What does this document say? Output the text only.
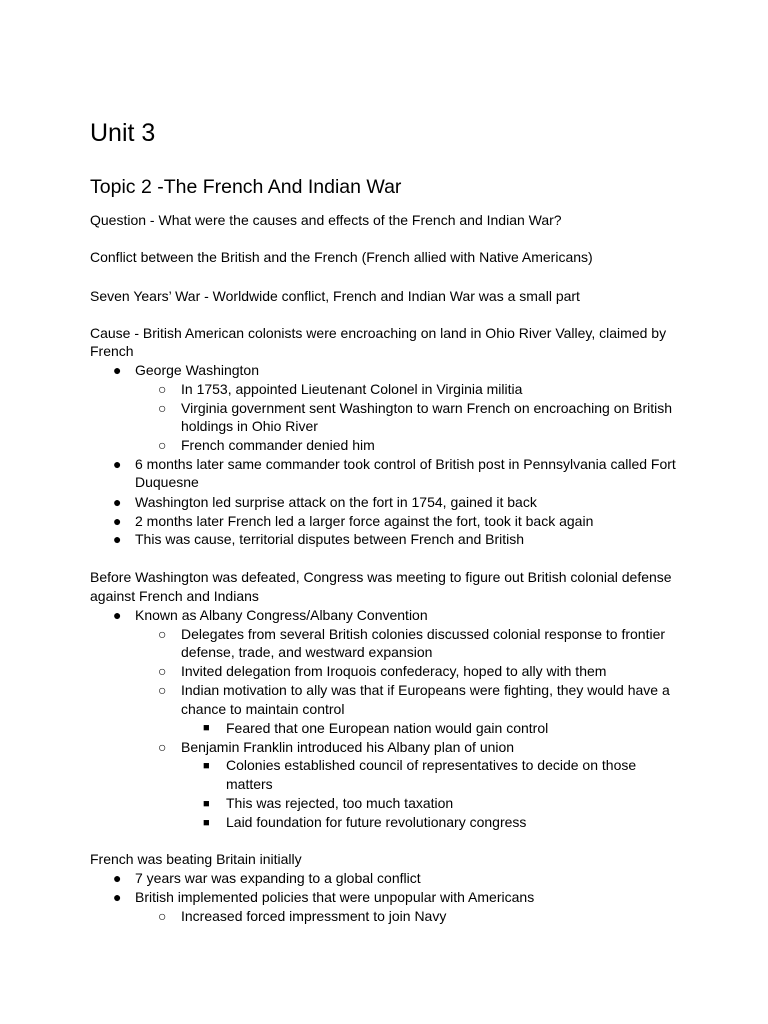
Unit 3
Topic 2 -The French And Indian War
Question - What were the causes and effects of the French and Indian War?
Conflict between the British and the French (French allied with Native Americans)
Seven Years’ War - Worldwide conflict, French and Indian War was a small part
Cause - British American colonists were encroaching on land in Ohio River Valley, claimed by
French
● George Washington
○ In 1753, appointed Lieutenant Colonel in Virginia militia
○ Virginia government sent Washington to warn French on encroaching on British
holdings in Ohio River
○ French commander denied him
● 6 months later same commander took control of British post in Pennsylvania called Fort
Duquesne
● Washington led surprise attack on the fort in 1754, gained it back
● 2 months later French led a larger force against the fort, took it back again
● This was cause, territorial disputes between French and British
Before Washington was defeated, Congress was meeting to figure out British colonial defense
against French and Indians
● Known as Albany Congress/Albany Convention
○ Delegates from several British colonies discussed colonial response to frontier
defense, trade, and westward expansion
○ Invited delegation from Iroquois confederacy, hoped to ally with them
○ Indian motivation to ally was that if Europeans were fighting, they would have a
chance to maintain control
■ Feared that one European nation would gain control
○ Benjamin Franklin introduced his Albany plan of union
■ Colonies established council of representatives to decide on those
matters
■ This was rejected, too much taxation
■ Laid foundation for future revolutionary congress
French was beating Britain initially
● 7 years war was expanding to a global conflict
● British implemented policies that were unpopular with Americans
○ Increased forced impressment to join Navy
